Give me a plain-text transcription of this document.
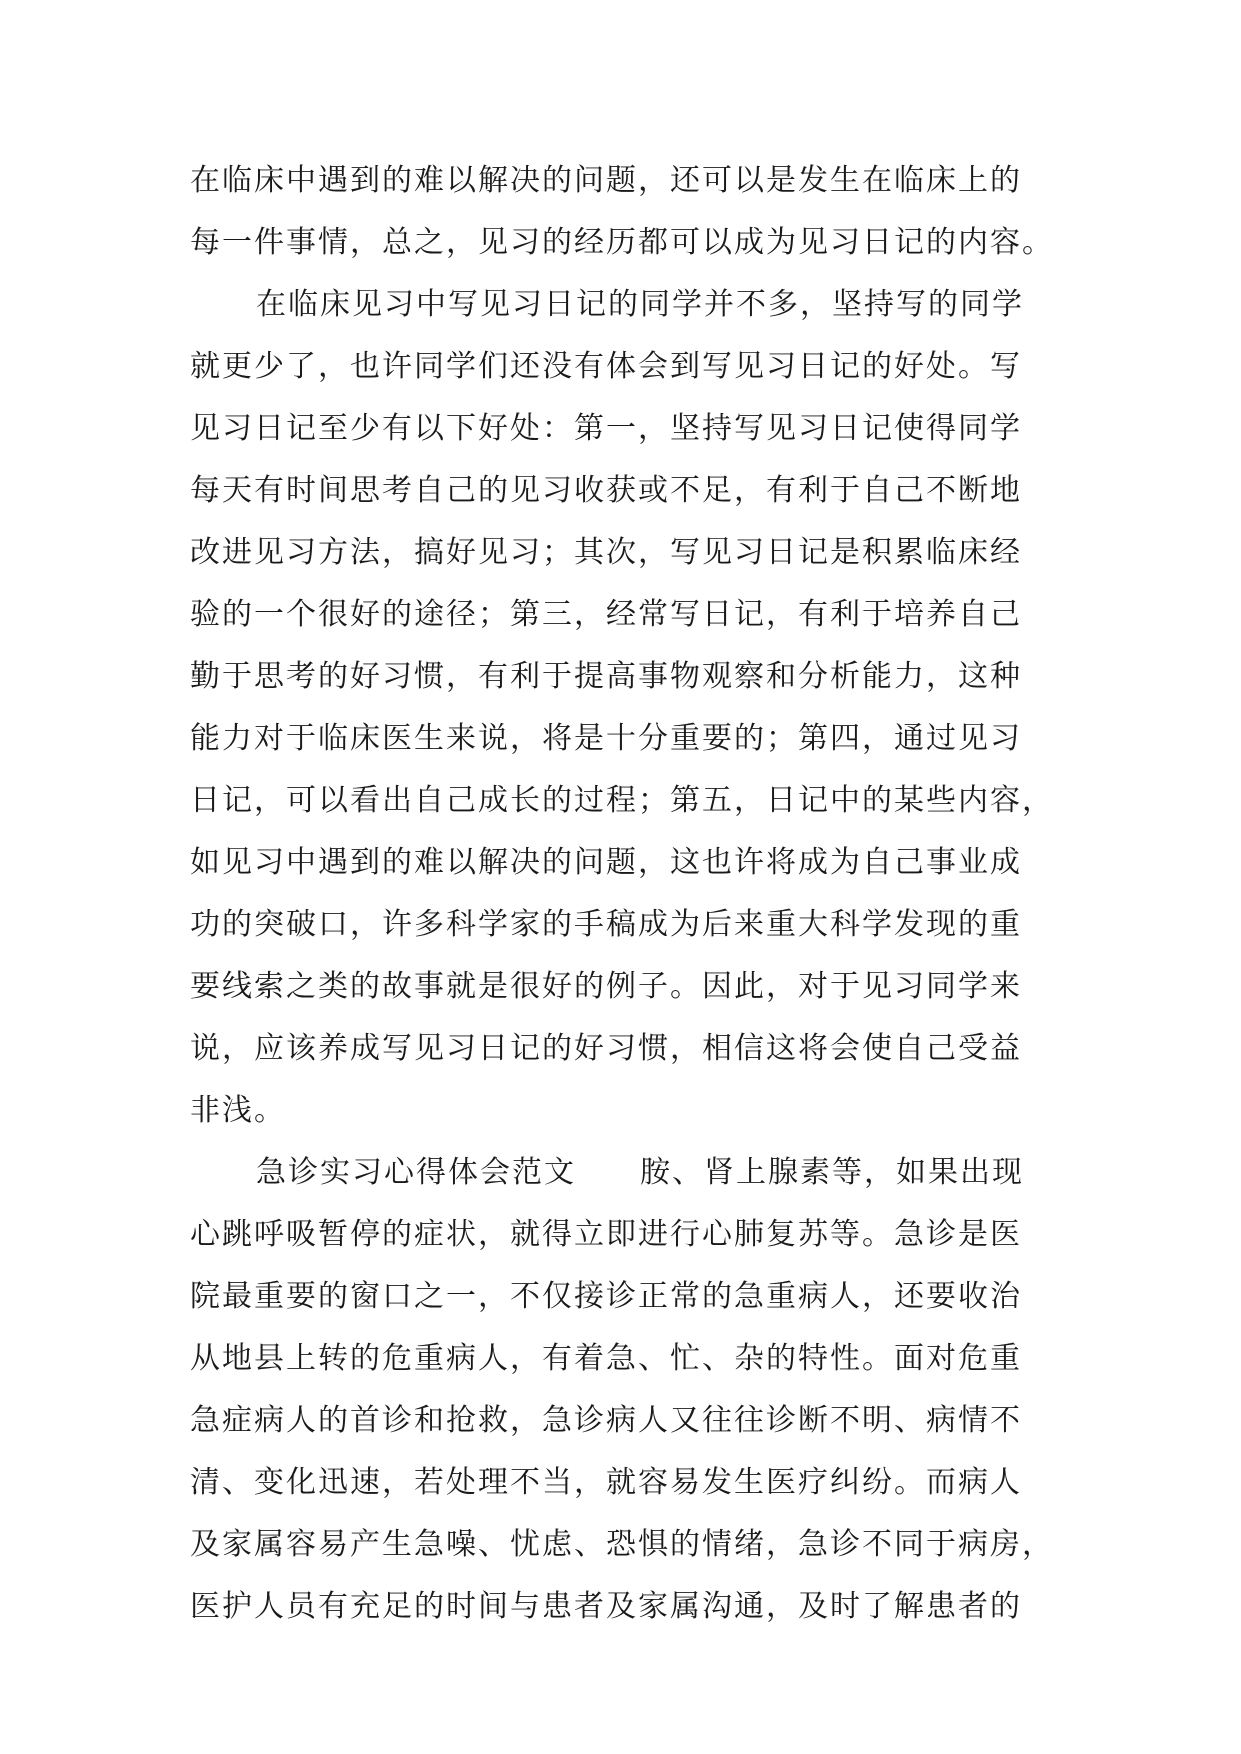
在临床中遇到的难以解决的问题，还可以是发生在临床上的
每一件事情，总之，见习的经历都可以成为见习日记的内容。
在临床见习中写见习日记的同学并不多，坚持写的同学
就更少了，也许同学们还没有体会到写见习日记的好处。写
见习日记至少有以下好处：第一，坚持写见习日记使得同学
每天有时间思考自己的见习收获或不足，有利于自己不断地
改进见习方法，搞好见习；其次，写见习日记是积累临床经
验的一个很好的途径；第三，经常写日记，有利于培养自己
勤于思考的好习惯，有利于提高事物观察和分析能力，这种
能力对于临床医生来说，将是十分重要的；第四，通过见习
日记，可以看出自己成长的过程；第五，日记中的某些内容，
如见习中遇到的难以解决的问题，这也许将成为自己事业成
功的突破口，许多科学家的手稿成为后来重大科学发现的重
要线索之类的故事就是很好的例子。因此，对于见习同学来
说，应该养成写见习日记的好习惯，相信这将会使自己受益
非浅。
急诊实习心得体会范文　　胺、肾上腺素等，如果出现
心跳呼吸暂停的症状，就得立即进行心肺复苏等。急诊是医
院最重要的窗口之一，不仅接诊正常的急重病人，还要收治
从地县上转的危重病人，有着急、忙、杂的特性。面对危重
急症病人的首诊和抢救，急诊病人又往往诊断不明、病情不
清、变化迅速，若处理不当，就容易发生医疗纠纷。而病人
及家属容易产生急噪、忧虑、恐惧的情绪，急诊不同于病房，
医护人员有充足的时间与患者及家属沟通，及时了解患者的
